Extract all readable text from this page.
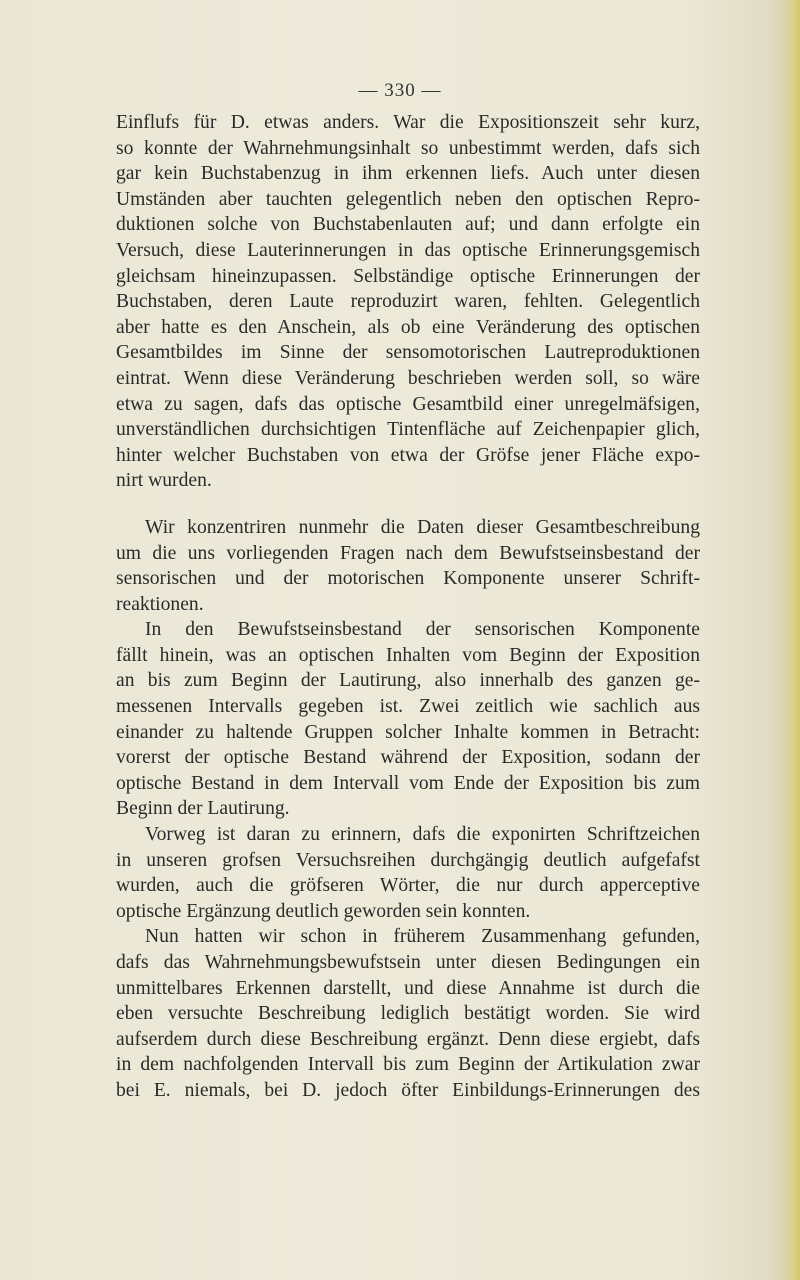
— 330 —
Einflufs für D. etwas anders. War die Expositionszeit sehr kurz,
so konnte der Wahrnehmungsinhalt so unbestimmt werden, dafs sich
gar kein Buchstabenzug in ihm erkennen liefs. Auch unter diesen
Umständen aber tauchten gelegentlich neben den optischen Repro-
duktionen solche von Buchstabenlauten auf; und dann erfolgte ein
Versuch, diese Lauterinnerungen in das optische Erinnerungsgemisch
gleichsam hineinzupassen. Selbständige optische Erinnerungen der
Buchstaben, deren Laute reproduzirt waren, fehlten. Gelegentlich
aber hatte es den Anschein, als ob eine Veränderung des optischen
Gesamtbildes im Sinne der sensomotorischen Lautreproduktionen
eintrat. Wenn diese Veränderung beschrieben werden soll, so wäre
etwa zu sagen, dafs das optische Gesamtbild einer unregelmäfsigen,
unverständlichen durchsichtigen Tintenfläche auf Zeichenpapier glich,
hinter welcher Buchstaben von etwa der Gröfse jener Fläche expo-
nirt wurden.
Wir konzentriren nunmehr die Daten dieser Gesamtbeschreibung
um die uns vorliegenden Fragen nach dem Bewufstseinsbestand der
sensorischen und der motorischen Komponente unserer Schrift-
reaktionen.
In den Bewufstseinsbestand der sensorischen Komponente
fällt hinein, was an optischen Inhalten vom Beginn der Exposition
an bis zum Beginn der Lautirung, also innerhalb des ganzen ge-
messenen Intervalls gegeben ist. Zwei zeitlich wie sachlich aus
einander zu haltende Gruppen solcher Inhalte kommen in Betracht:
vorerst der optische Bestand während der Exposition, sodann der
optische Bestand in dem Intervall vom Ende der Exposition bis zum
Beginn der Lautirung.
Vorweg ist daran zu erinnern, dafs die exponirten Schriftzeichen
in unseren grofsen Versuchsreihen durchgängig deutlich aufgefafst
wurden, auch die gröfseren Wörter, die nur durch apperceptive
optische Ergänzung deutlich geworden sein konnten.
Nun hatten wir schon in früherem Zusammenhang gefunden,
dafs das Wahrnehmungsbewufstsein unter diesen Bedingungen ein
unmittelbares Erkennen darstellt, und diese Annahme ist durch die
eben versuchte Beschreibung lediglich bestätigt worden. Sie wird
aufserdem durch diese Beschreibung ergänzt. Denn diese ergiebt, dafs
in dem nachfolgenden Intervall bis zum Beginn der Artikulation zwar
bei E. niemals, bei D. jedoch öfter Einbildungs-Erinnerungen des
